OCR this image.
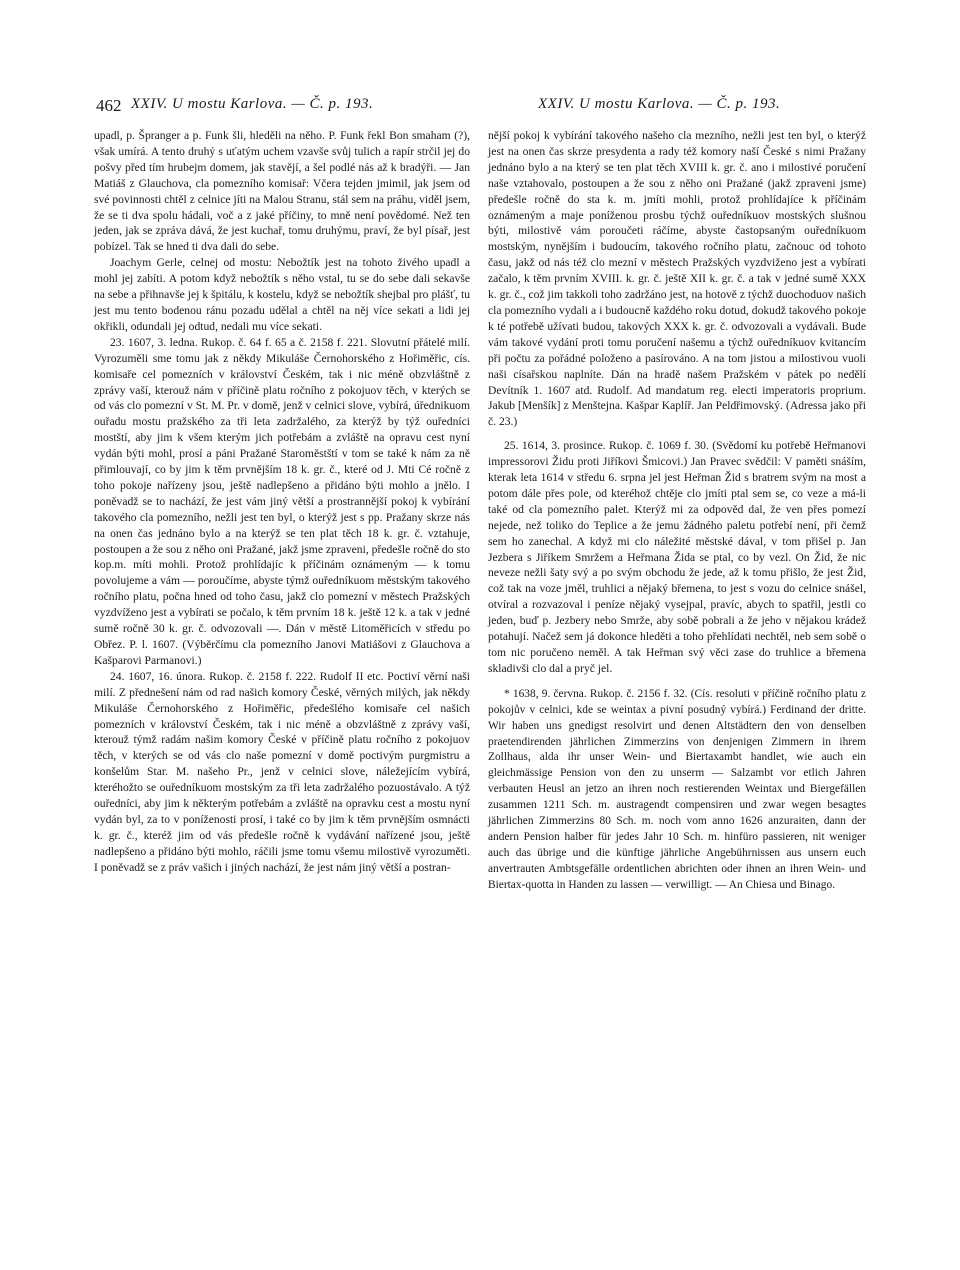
462 XXIV. U mostu Karlova. — Č. p. 193.	XXIV. U mostu Karlova. — Č. p. 193.

upadl, p. Špranger a p. Funk šli, hleděli na něho. P. Funk řekl Bon smaham (?), však umírá. A tento druhý s uťatým uchem vzavše svůj tulich a rapír strčil jej do pošvy před tím hrubejm domem, jak stavějí, a šel podlé nás až k bradýři. — Jan Matiáš z Glauchova, cla pomezního komisař: Včera tejden jmimil, jak jsem od své povinnosti chtěl z celnice jíti na Malou Stranu, stál sem na práhu, viděl jsem, že se ti dva spolu hádali, voč a z jaké příčiny, to mně není povědomé. Než ten jeden, jak se zpráva dává, že jest kuchař, tomu druhýmu, praví, že byl písař, jest pobízel. Tak se hned ti dva dali do sebe.

Joachym Gerle, celnej od mostu: Nebožtík jest na tohoto živého upadl a mohl jej zabíti. A potom když nebožtík s něho vstal, tu se do sebe dali sekavše na sebe a přihnavše jej k špitálu, k kostelu, když se nebožtík shejbal pro plášť, tu jest mu tento bodenou ránu pozadu udělal a chtěl na něj více sekati a lidi jej okřikli, odundali jej odtud, nedali mu více sekati.

23. 1607, 3. ledna. Rukop. č. 64 f. 65 a č. 2158 f. 221. Slovutní přátelé milí. Vyrozuměli sme tomu jak z někdy Mikuláše Černohorského z Hořiměřic, cís. komisaře cel pomezních v království Českém, tak i nic méně obzvláštně z zprávy vaší, kterouž nám v příčině platu ročního z pokojuov těch, v kterých se od vás clo pomezní v St. M. Pr. v domě, jenž v celnici slove, vybírá, úřednikuom ouřadu mostu pražského za tři leta zadržalého, za kterýž by týž ouředníci mostští, aby jim k všem kterým jich potřebám a zvláště na opravu cest nyní vydán býti mohl, prosí a páni Pražané Staroměstští v tom se také k nám za ně přimlouvají, co by jim k těm prvnějším 18 k. gr. č., které od J. Mti Cé ročně z toho pokoje nařízeny jsou, ještě nadlepšeno a přidáno býti mohlo a jnělo. I poněvadž se to nachází, že jest vám jiný větší a prostrannější pokoj k vybírání takového cla pomezního, nežli jest ten byl, o kterýž jest s pp. Pražany skrze nás na onen čas jednáno bylo a na kterýž se ten plat těch 18 k. gr. č. vztahuje, postoupen a že sou z něho oni Pražané, jakž jsme zpraveni, předešle ročně do sto kop.m. míti mohli. Protož prohlídajíc k příčinám oznámeným — k tomu povolujeme a vám — poroučíme, abyste týmž ouředníkuom městským takového ročního platu, počna hned od toho času, jakž clo pomezní v městech Pražských vyzdvíženo jest a vybírati se počalo, k těm prvním 18 k. ještě 12 k. a tak v jedné sumě ročně 30 k. gr. č. odvozovali —. Dán v městě Litoměřicích v středu po Obřez. P. l. 1607. (Výběrčímu cla pomezního Janovi Matiášovi z Glauchova a Kašparovi Parmanovi.)

24. 1607, 16. února. Rukop. č. 2158 f. 222. Rudolf II etc. Poctiví věrní naši milí. Z přednešení nám od rad našich komory České, věrných milých, jak někdy Mikuláše Černohorského z Hořiměřic, předešlého komisaře cel našich pomezních v království Českém, tak i nic méně a obzvláštně z zprávy vaší, kterouž týmž radám našim komory České v příčině platu ročního z pokojuov těch, v kterých se od vás clo naše pomezní v domě poctivým purgmistru a konšelům Star. M. našeho Pr., jenž v celnici slove, náležejícím vybírá, kteréhožto se ouředníkuom mostským za tři leta zadržalého pozuostávalo. A týž ouředníci, aby jim k některým potřebám a zvláště na opravku cest a mostu nyní vydán byl, za to v poníženosti prosí, i také co by jim k těm prvnějším osmnácti k. gr. č., kteréž jim od vás předešle ročně k vydávání nařízené jsou, ještě nadlepšeno a přidáno býti mohlo, ráčili jsme tomu všemu milostivě vyrozuměti. I poněvadž se z práv vašich i jiných nachází, že jest nám jiný větší a postran-

nější pokoj k vybírání takového našeho cla mezního, nežli jest ten byl, o kterýž jest na onen čas skrze presydenta a rady též komory naší České s nimi Pražany jednáno bylo a na který se ten plat těch XVIII k. gr. č. ano i milostivé poručení naše vztahovalo, postoupen a že sou z něho oni Pražané (jakž zpraveni jsme) předešle ročně do sta k. m. jmíti mohli, protož prohlídajíce k příčinám oznámeným a maje poníženou prosbu týchž ouředníkuov mostských slušnou býti, milostivě vám poroučeti ráčíme, abyste častopsaným ouředníkuom mostským, nynějším i budoucím, takového ročního platu, začnouc od tohoto času, jakž od nás též clo mezní v městech Pražských vyzdviženo jest a vybírati začalo, k těm prvním XVIII. k. gr. č. ještě XII k. gr. č. a tak v jedné sumě XXX k. gr. č., což jim takkoli toho zadržáno jest, na hotově z týchž duochoduov našich cla pomezního vydali a i budoucně každého roku dotud, dokudž takového pokoje k té potřebě užívati budou, takových XXX k. gr. č. odvozovali a vydávali. Bude vám takové vydání proti tomu poručení našemu a týchž ouředníkuov kvitancím při počtu za pořádné položeno a pasírováno. A na tom jistou a milostivou vuoli naši císařskou naplníte. Dán na hradě našem Pražském v pátek po nedělí Devítník 1. 1607 atd. Rudolf. Ad mandatum reg. electi imperatoris proprium. Jakub [Menšík] z Menštejna. Kašpar Kaplíř. Jan Peldřimovský. (Adressa jako při č. 23.)

25. 1614, 3. prosince. Rukop. č. 1069 f. 30. (Svědomí ku potřebě Heřmanovi impressorovi Židu proti Jiříkovi Šmicovi.) Jan Pravec svědčil: V paměti snáším, kterak leta 1614 v středu 6. srpna jel jest Heřman Žid s bratrem svým na most a potom dále přes pole, od kteréhož chtěje clo jmíti ptal sem se, co veze a má-li také od cla pomezního palet. Kterýž mi za odpověd dal, že ven přes pomezí nejede, než toliko do Teplice a že jemu žádného paletu potřebí není, při čemž sem ho zanechal. A když mi clo náležité městské dával, v tom přišel p. Jan Jezbera s Jiříkem Smržem a Heřmana Žida se ptal, co by vezl. On Žid, že nic neveze nežli šaty svý a po svým obchodu že jede, až k tomu přišlo, že jest Žid, což tak na voze jměl, truhlici a nějaký břemena, to jest s vozu do celnice snášel, otvíral a rozvazoval i peníze nějaký vysejpal, pravíc, abych to spatřil, jestli co jeden, buď p. Jezbery nebo Smrže, aby sobě pobrali a že jeho v nějakou krádež potahují. Načež sem já dokonce hleděti a toho přehlídati nechtěl, neb sem sobě o tom nic poručeno neměl. A tak Heřman svý věci zase do truhlice a břemena skladivši clo dal a pryč jel.

* 1638, 9. června. Rukop. č. 2156 f. 32. (Cís. resoluti v příčině ročního platu z pokojův v celnici, kde se weintax a pivní posudný vybírá.) Ferdinand der dritte. Wir haben uns gnedigst resolvirt und denen Altstädtern den von denselben praetendirenden jährlichen Zimmerzins von denjenigen Zimmern in ihrem Zollhaus, alda ihr unser Wein- und Biertaxambt handlet, wie auch ein gleichmässige Pension von den zu unserm — Salzambt vor etlich Jahren verbauten Heusl an jetzo an ihren noch restierenden Weintax und Biergefällen zusammen 1211 Sch. m. austragendt compensiren und zwar wegen besagtes jährlichen Zimmerzins 80 Sch. m. noch vom anno 1626 anzuraiten, dann der andern Pension halber für jedes Jahr 10 Sch. m. hinfüro passieren, nit weniger auch das übrige und die künftige jährliche Angebührnissen aus unsern euch anvertrauten Ambtsgefälle ordentlichen abrichten oder ihnen an ihren Wein- und Biertax-quotta in Handen zu lassen — verwilligt. — An Chiesa und Binago.
